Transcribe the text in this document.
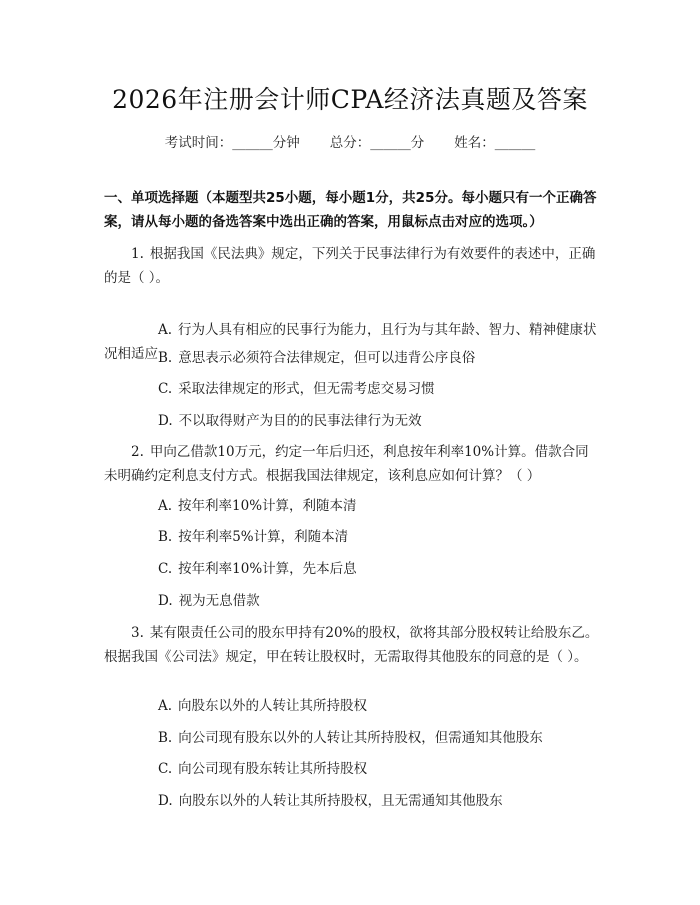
2026年注册会计师CPA经济法真题及答案
考试时间：______分钟 总分：______分 姓名：______
一、单项选择题（本题型共25小题，每小题1分，共25分。每小题只有一个正确答案，请从每小题的备选答案中选出正确的答案，用鼠标点击对应的选项。）
1. 根据我国《民法典》规定，下列关于民事法律行为有效要件的表述中，正确的是（ ）。
A. 行为人具有相应的民事行为能力，且行为与其年龄、智力、精神健康状况相适应 B. 意思表示必须符合法律规定，但可以违背公序良俗
C. 采取法律规定的形式，但无需考虑交易习惯
D. 不以取得财产为目的的民事法律行为无效
2. 甲向乙借款10万元，约定一年后归还，利息按年利率10%计算。借款合同未明确约定利息支付方式。根据我国法律规定，该利息应如何计算？（ ）
A. 按年利率10%计算，利随本清
B. 按年利率5%计算，利随本清
C. 按年利率10%计算，先本后息
D. 视为无息借款
3. 某有限责任公司的股东甲持有20%的股权，欲将其部分股权转让给股东乙。根据我国《公司法》规定，甲在转让股权时，无需取得其他股东的同意的是（ ）。
A. 向股东以外的人转让其所持股权
B. 向公司现有股东以外的人转让其所持股权，但需通知其他股东
C. 向公司现有股东转让其所持股权
D. 向股东以外的人转让其所持股权，且无需通知其他股东
